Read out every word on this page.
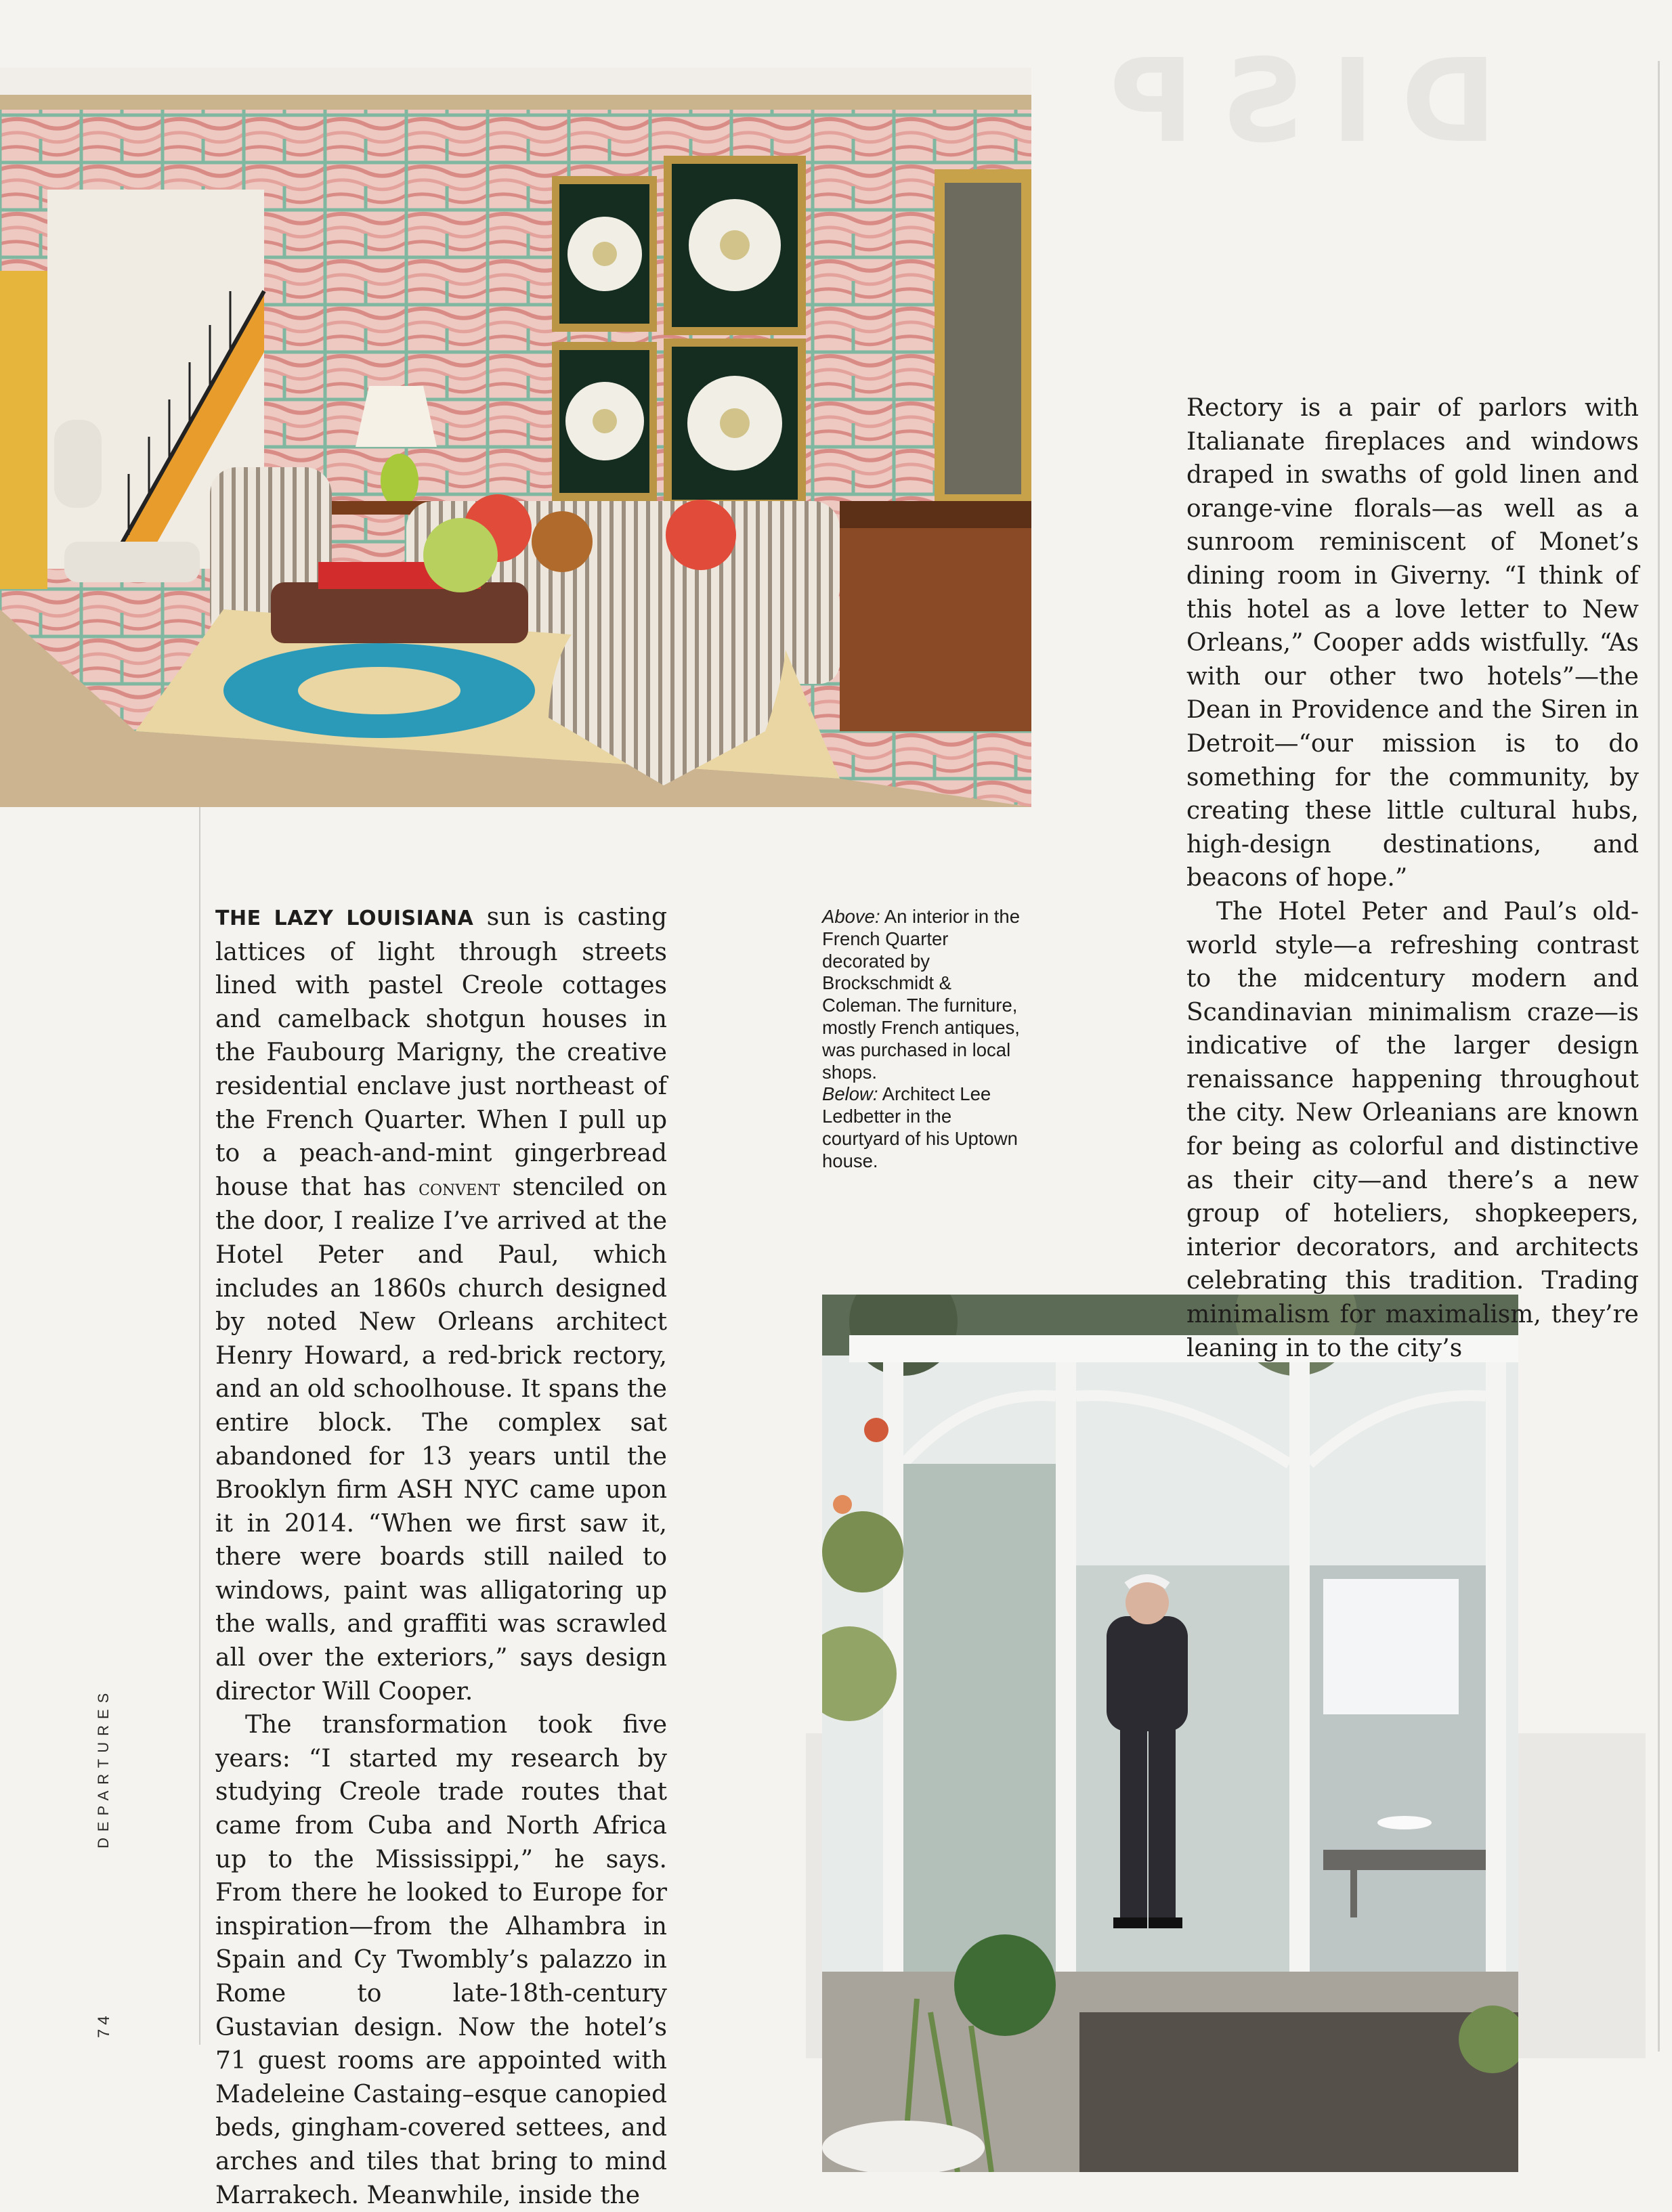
DISP

Above: An interior in the French Quarter decorated by Brockschmidt & Coleman. The furniture, mostly French antiques, was purchased in local shops.

Below: Architect Lee Ledbetter in the courtyard of his Uptown house.

THE LAZY LOUISIANA sun is casting lattices of light through streets lined with pastel Creole cottages and camelback shotgun houses in the Faubourg Marigny, the creative residential enclave just northeast of the French Quarter. When I pull up to a peach-and-mint gingerbread house that has convent stenciled on the door, I realize I’ve arrived at the Hotel Peter and Paul, which includes an 1860s church designed by noted New Orleans architect Henry Howard, a red-brick rectory, and an old schoolhouse. It spans the entire block. The complex sat abandoned for 13 years until the Brooklyn firm ASH NYC came upon it in 2014. “When we first saw it, there were boards still nailed to windows, paint was alligatoring up the walls, and graffiti was scrawled all over the exteriors,” says design director Will Cooper.

The transformation took five years: “I started my research by studying Creole trade routes that came from Cuba and North Africa up to the Mississippi,” he says. From there he looked to Europe for inspiration—from the Alhambra in Spain and Cy Twombly’s palazzo in Rome to late-18th-century Gustavian design. Now the hotel’s 71 guest rooms are appointed with Madeleine Castaing–esque canopied beds, gingham-covered settees, and arches and tiles that bring to mind Marrakech. Meanwhile, inside the

Rectory is a pair of parlors with Italianate fireplaces and windows draped in swaths of gold linen and orange-vine florals—as well as a sunroom reminiscent of Monet’s dining room in Giverny. “I think of this hotel as a love letter to New Orleans,” Cooper adds wistfully. “As with our other two hotels”—the Dean in Providence and the Siren in Detroit—“our mission is to do something for the community, by creating these little cultural hubs, high-design destinations, and beacons of hope.”

The Hotel Peter and Paul’s old-world style—a refreshing contrast to the midcentury modern and Scandinavian minimalism craze—is indicative of the larger design renaissance happening throughout the city. New Orleanians are known for being as colorful and distinctive as their city—and there’s a new group of hoteliers, shopkeepers, interior decorators, and architects celebrating this tradition. Trading minimalism for maximalism, they’re leaning in to the city’s

DEPARTURES
74
